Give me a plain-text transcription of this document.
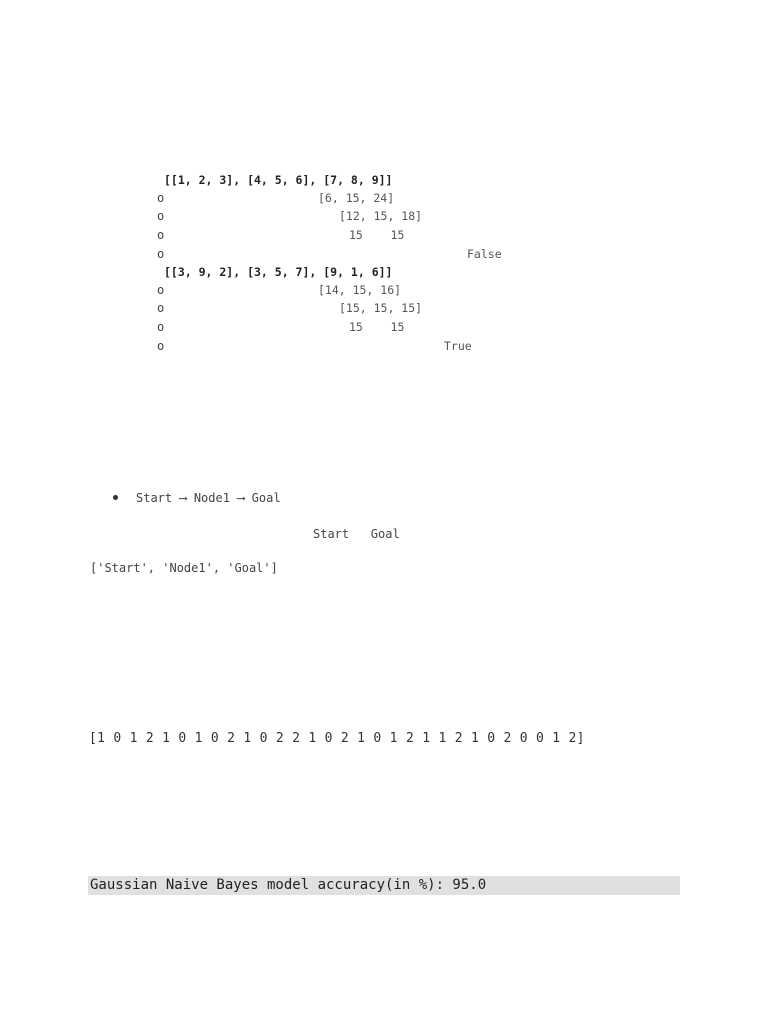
[[1, 2, 3], [4, 5, 6], [7, 8, 9]]
o	[6, 15, 24]
o	[12, 15, 18]
o	15    15
o	False
[[3, 9, 2], [3, 5, 7], [9, 1, 6]]
o	[14, 15, 16]
o	[15, 15, 15]
o	15    15
o	True
Start ⟶ Node1 ⟶ Goal
Start   Goal
['Start', 'Node1', 'Goal']
[1 0 1 2 1 0 1 0 2 1 0 2 2 1 0 2 1 0 1 2 1 1 2 1 0 2 0 0 1 2]
Gaussian Naive Bayes model accuracy(in %): 95.0
